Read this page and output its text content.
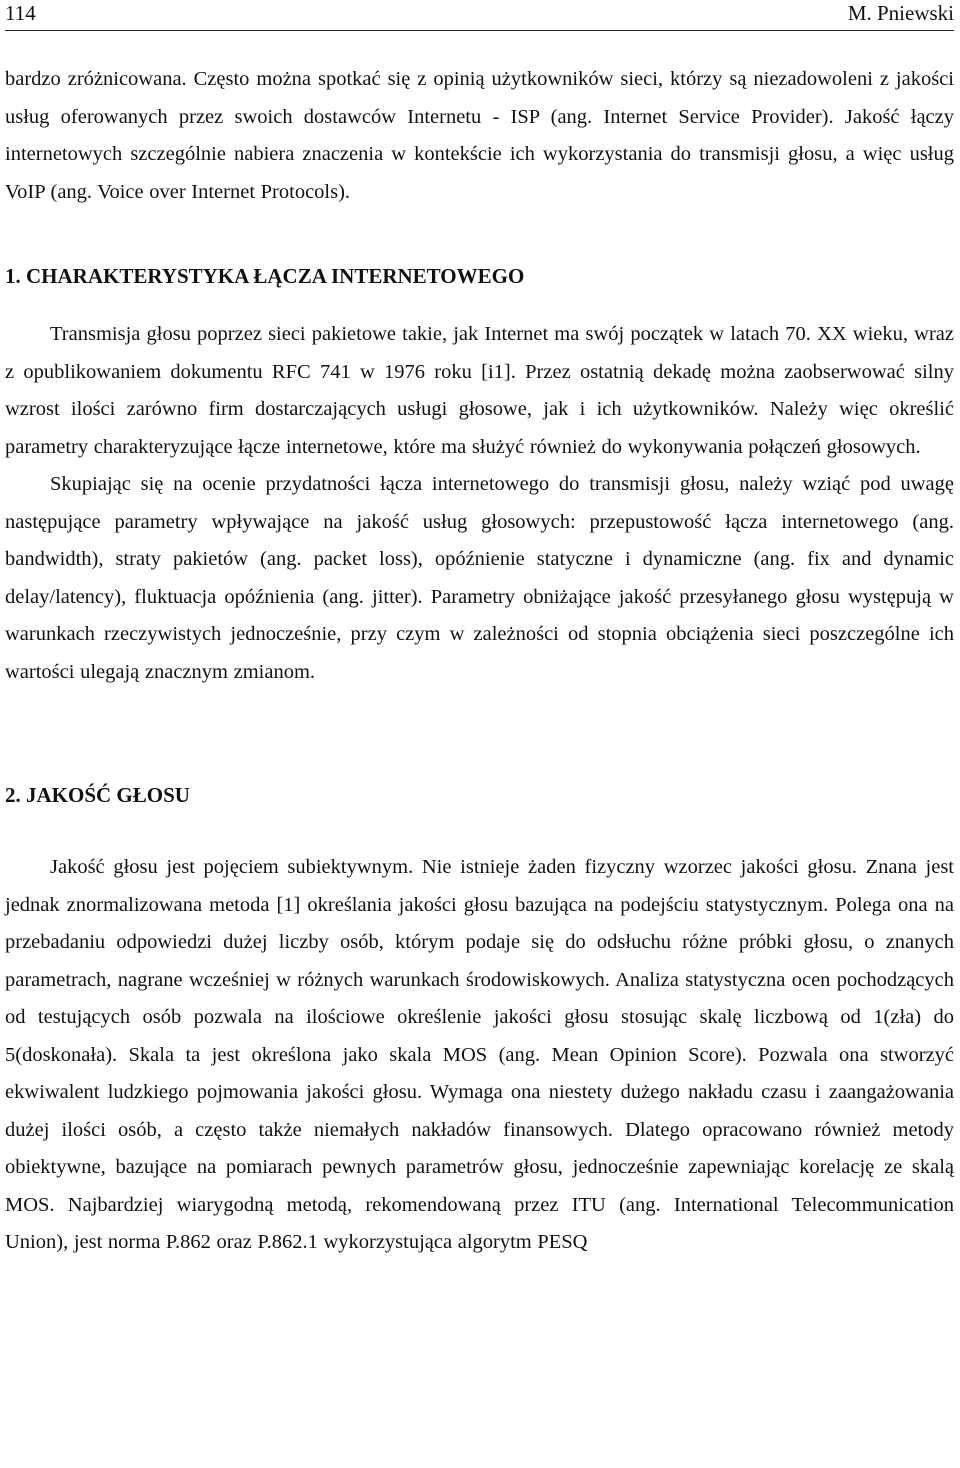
114	M. Pniewski

bardzo zróżnicowana. Często można spotkać się z opinią użytkowników sieci, którzy są niezadowoleni z jakości usług oferowanych przez swoich dostawców Internetu - ISP (ang. Internet Service Provider). Jakość łączy internetowych szczególnie nabiera znaczenia w kontekście ich wykorzystania do transmisji głosu, a więc usług VoIP (ang. Voice over Internet Protocols).

1. CHARAKTERYSTYKA ŁĄCZA INTERNETOWEGO

Transmisja głosu poprzez sieci pakietowe takie, jak Internet ma swój początek w latach 70. XX wieku, wraz z opublikowaniem dokumentu RFC 741 w 1976 roku [i1]. Przez ostatnią dekadę można zaobserwować silny wzrost ilości zarówno firm dostarczających usługi głosowe, jak i ich użytkowników. Należy więc określić parametry charakteryzujące łącze internetowe, które ma służyć również do wykonywania połączeń głosowych.

Skupiając się na ocenie przydatności łącza internetowego do transmisji głosu, należy wziąć pod uwagę następujące parametry wpływające na jakość usług głosowych: przepustowość łącza internetowego (ang. bandwidth), straty pakietów (ang. packet loss), opóźnienie statyczne i dynamiczne (ang. fix and dynamic delay/latency), fluktuacja opóźnienia (ang. jitter). Parametry obniżające jakość przesyłanego głosu występują w warunkach rzeczywistych jednocześnie, przy czym w zależności od stopnia obciążenia sieci poszczególne ich wartości ulegają znacznym zmianom.

2. JAKOŚĆ GŁOSU

Jakość głosu jest pojęciem subiektywnym. Nie istnieje żaden fizyczny wzorzec jakości głosu. Znana jest jednak znormalizowana metoda [1] określania jakości głosu bazująca na podejściu statystycznym. Polega ona na przebadaniu odpowiedzi dużej liczby osób, którym podaje się do odsłuchu różne próbki głosu, o znanych parametrach, nagrane wcześniej w różnych warunkach środowiskowych. Analiza statystyczna ocen pochodzących od testujących osób pozwala na ilościowe określenie jakości głosu stosując skalę liczbową od 1(zła) do 5(doskonała). Skala ta jest określona jako skala MOS (ang. Mean Opinion Score). Pozwala ona stworzyć ekwiwalent ludzkiego pojmowania jakości głosu. Wymaga ona niestety dużego nakładu czasu i zaangażowania dużej ilości osób, a często także niemałych nakładów finansowych. Dlatego opracowano również metody obiektywne, bazujące na pomiarach pewnych parametrów głosu, jednocześnie zapewniając korelację ze skalą MOS. Najbardziej wiarygodną metodą, rekomendowaną przez ITU (ang. International Telecommunication Union), jest norma P.862 oraz P.862.1 wykorzystująca algorytm PESQ
